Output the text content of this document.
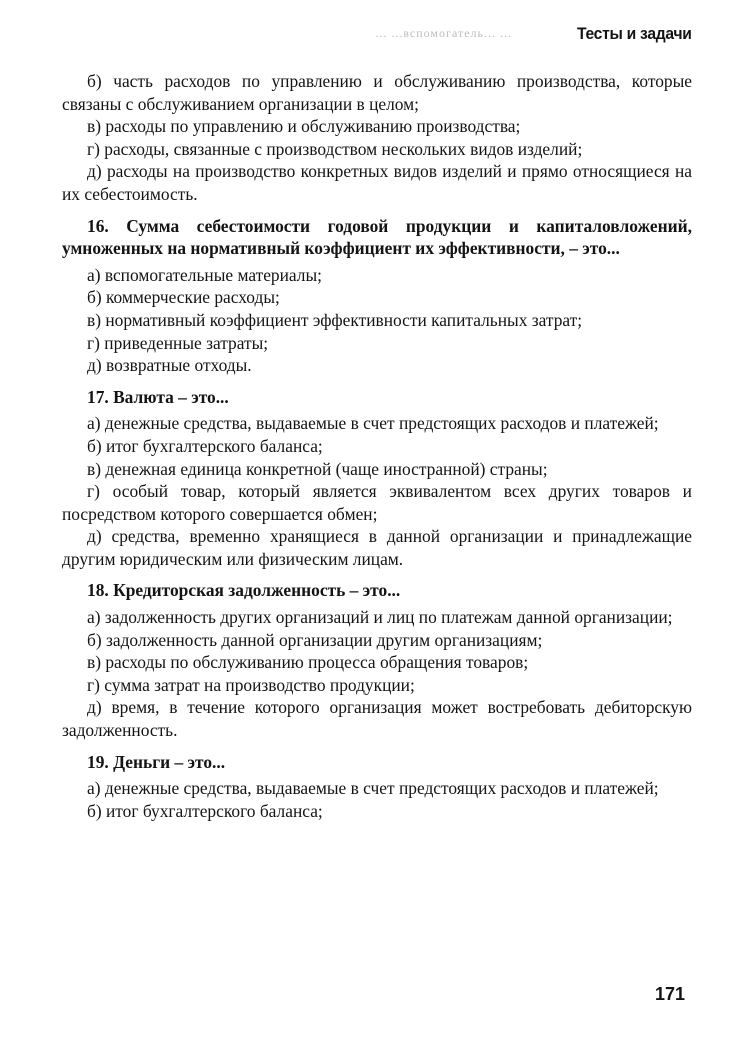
... ...вспомогатель... ...	Тесты и задачи

б) часть расходов по управлению и обслуживанию производства, которые связаны с обслуживанием организации в целом;

в) расходы по управлению и обслуживанию производства;

г) расходы, связанные с производством нескольких видов изделий;

д) расходы на производство конкретных видов изделий и прямо относящиеся на их себестоимость.

16. Сумма себестоимости годовой продукции и капиталовложений, умноженных на нормативный коэффициент их эффективности, – это...

а) вспомогательные материалы;

б) коммерческие расходы;

в) нормативный коэффициент эффективности капитальных затрат;

г) приведенные затраты;

д) возвратные отходы.

17. Валюта – это...

а) денежные средства, выдаваемые в счет предстоящих расходов и платежей;

б) итог бухгалтерского баланса;

в) денежная единица конкретной (чаще иностранной) страны;

г) особый товар, который является эквивалентом всех других товаров и посредством которого совершается обмен;

д) средства, временно хранящиеся в данной организации и принадлежащие другим юридическим или физическим лицам.

18. Кредиторская задолженность – это...

а) задолженность других организаций и лиц по платежам данной организации;

б) задолженность данной организации другим организациям;

в) расходы по обслуживанию процесса обращения товаров;

г) сумма затрат на производство продукции;

д) время, в течение которого организация может востребовать дебиторскую задолженность.

19. Деньги – это...

а) денежные средства, выдаваемые в счет предстоящих расходов и платежей;

б) итог бухгалтерского баланса;

171
